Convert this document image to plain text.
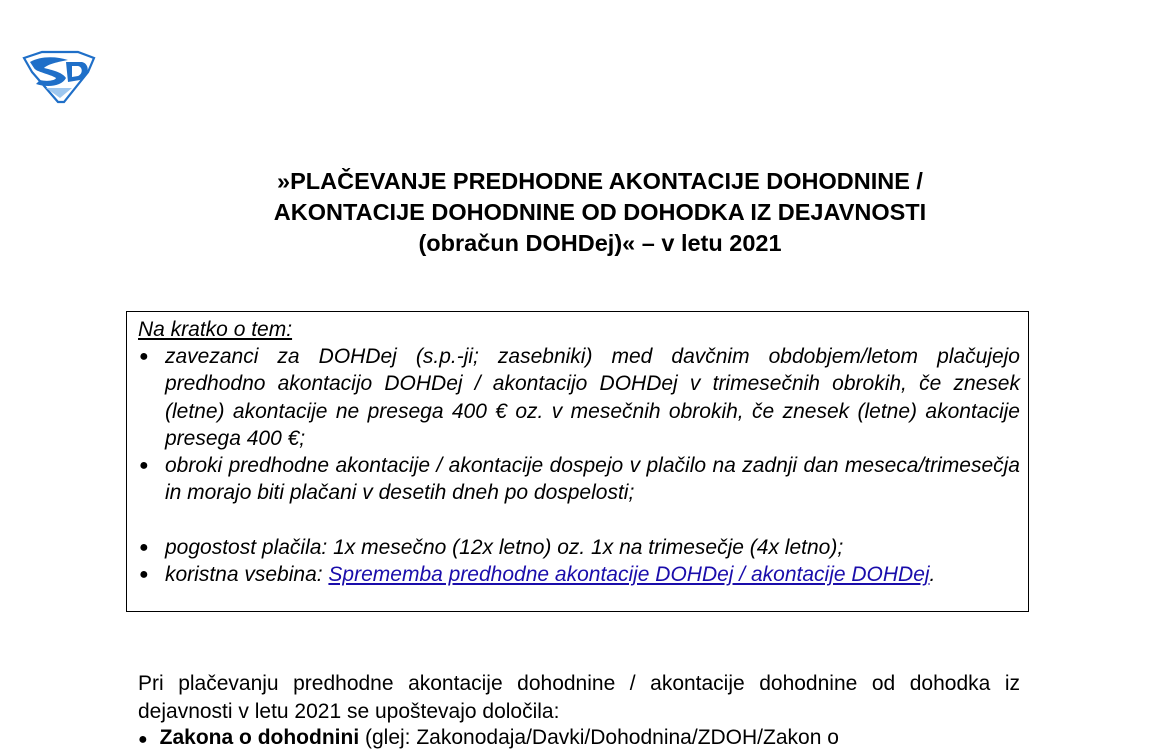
»PLAČEVANJE PREDHODNE AKONTACIJE DOHODNINE /
AKONTACIJE DOHODNINE OD DOHODKA IZ DEJAVNOSTI
(obračun DOHDej)« – v letu 2021
Na kratko o tem:
● zavezanci za DOHDej (s.p.-ji; zasebniki) med davčnim obdobjem/letom plačujejo predhodno akontacijo DOHDej / akontacijo DOHDej v trimesečnih obrokih, če znesek (letne) akontacije ne presega 400 € oz. v mesečnih obrokih, če znesek (letne) akontacije presega 400 €;
● obroki predhodne akontacije / akontacije dospejo v plačilo na zadnji dan meseca/trimesečja in morajo biti plačani v desetih dneh po dospelosti;
● pogostost plačila: 1x mesečno (12x letno) oz. 1x na trimesečje (4x letno);
● koristna vsebina: Sprememba predhodne akontacije DOHDej / akontacije DOHDej.
Pri plačevanju predhodne akontacije dohodnine / akontacije dohodnine od dohodka iz dejavnosti v letu 2021 se upoštevajo določila:
● Zakona o dohodnini (glej: Zakonodaja/Davki/Dohodnina/ZDOH/Zakon o
